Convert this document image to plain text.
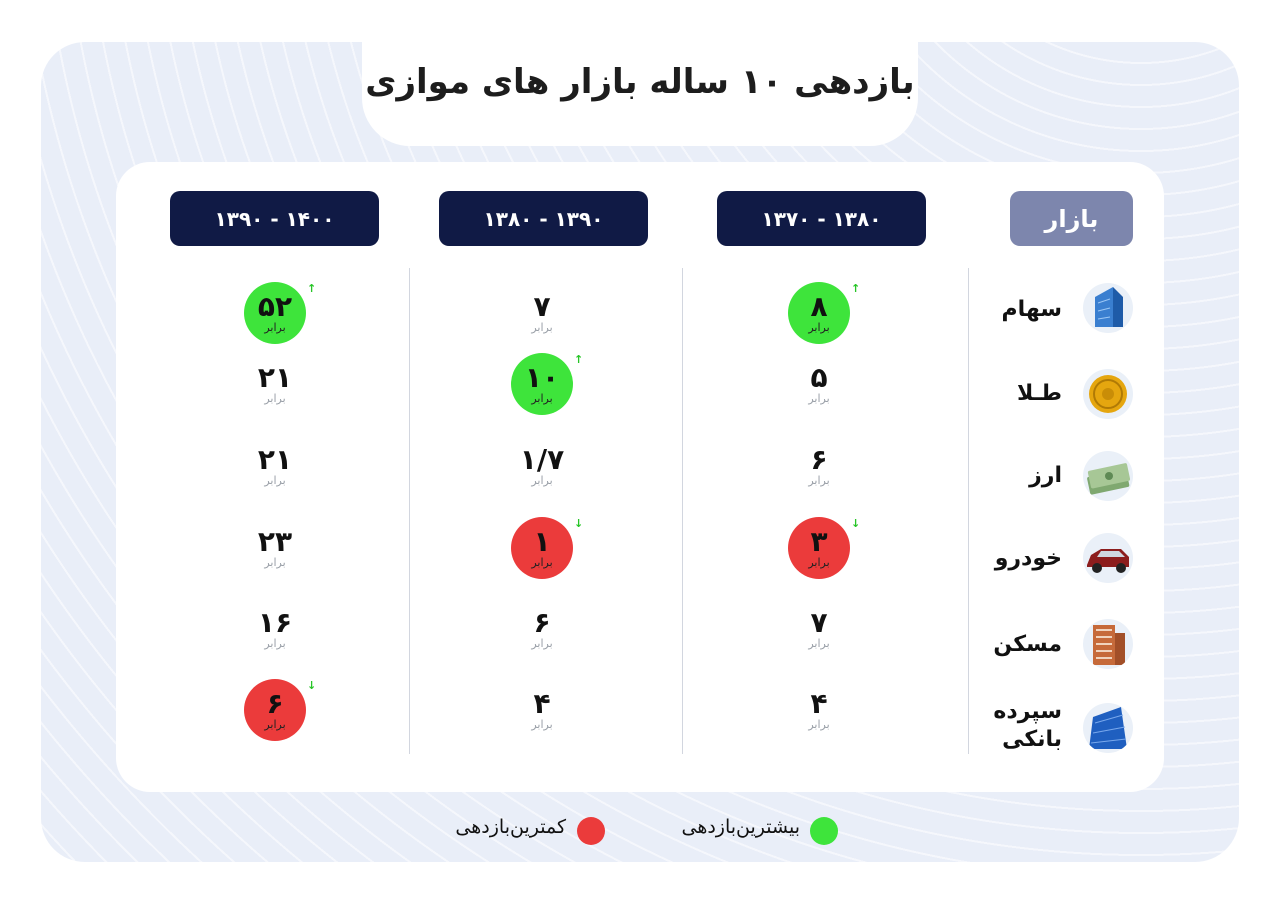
بازدهی ۱۰ ساله بازار های موازی
بازار
۱۳۷۰ - ۱۳۸۰
۱۳۸۰ - ۱۳۹۰
۱۳۹۰ - ۱۴۰۰
سهام
طـلا
ارز
خودرو
مسکن
سپرده بانکی
↑
۸
برابر
۷
برابر
↑
۵۲
برابر
۵
برابر
↑
۱۰
برابر
۲۱
برابر
۶
برابر
۱/۷
برابر
۲۱
برابر
↓
۳
برابر
↓
۱
برابر
۲۳
برابر
۷
برابر
۶
برابر
۱۶
برابر
۴
برابر
۴
برابر
↓
۶
برابر
بیشترین‌بازدهی
کمترین‌بازدهی
